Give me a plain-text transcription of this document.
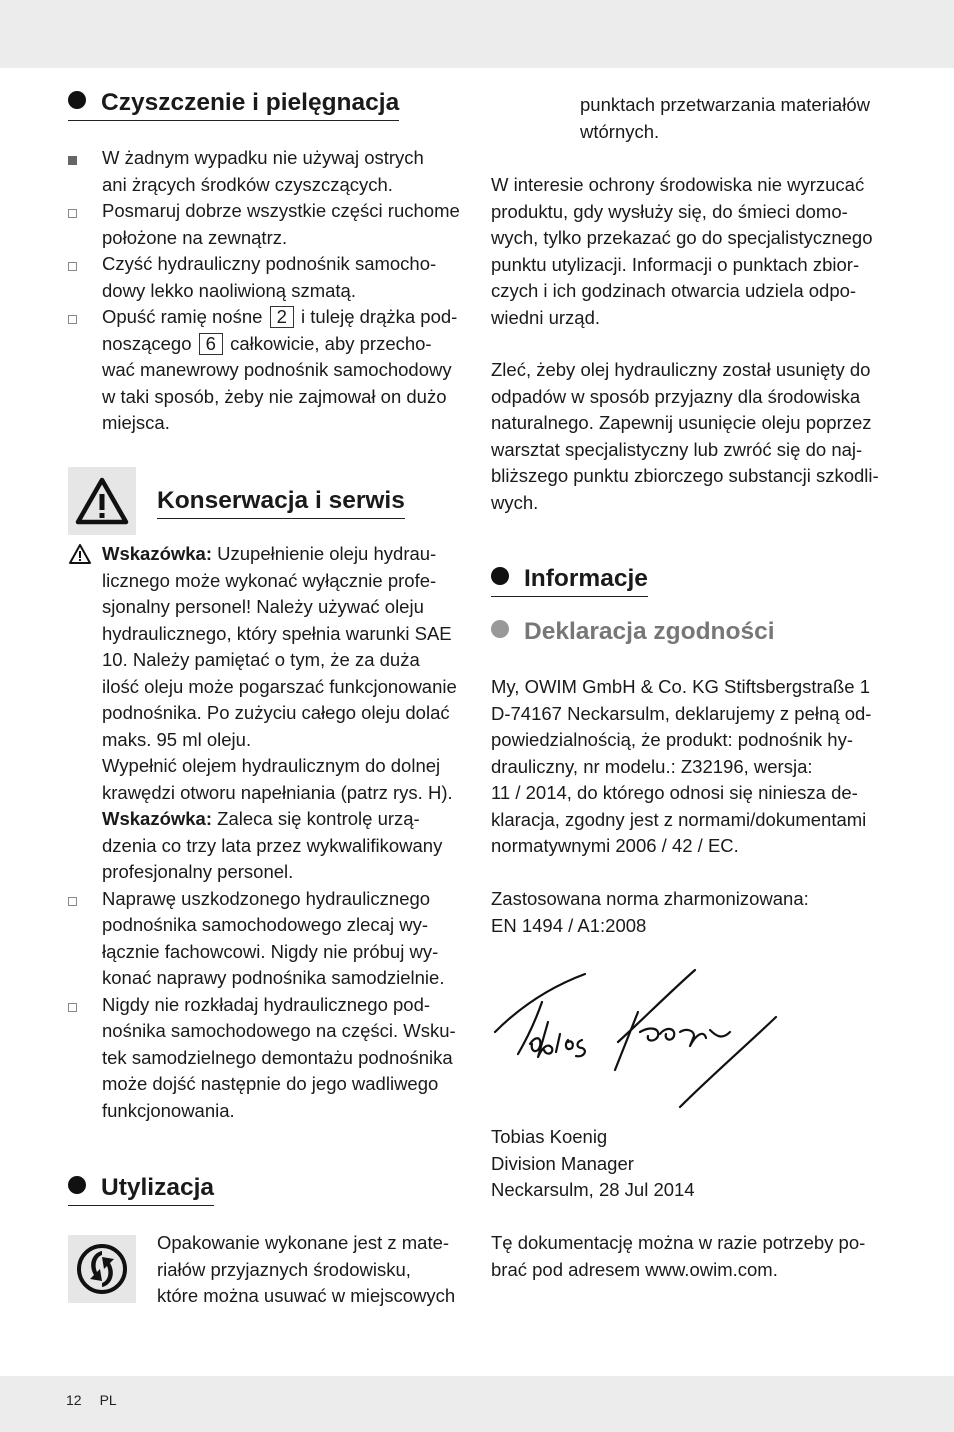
Czyszczenie i pielęgnacja
W żadnym wypadku nie używaj ostrych
ani żrących środków czyszczących.
Posmaruj dobrze wszystkie części ruchome
położone na zewnątrz.
Czyść hydrauliczny podnośnik samocho-
dowy lekko naoliwioną szmatą.
Opuść ramię nośne 2 i tuleję drążka pod-
noszącego 6 całkowicie, aby przecho-
wać manewrowy podnośnik samochodowy
w taki sposób, żeby nie zajmował on dużo
miejsca.
Konserwacja i serwis
Wskazówka: Uzupełnienie oleju hydrau-
licznego może wykonać wyłącznie profe-
sjonalny personel! Należy używać oleju
hydraulicznego, który spełnia warunki SAE
10. Należy pamiętać o tym, że za duża
ilość oleju może pogarszać funkcjonowanie
podnośnika. Po zużyciu całego oleju dolać
maks. 95 ml oleju.
Wypełnić olejem hydraulicznym do dolnej
krawędzi otworu napełniania (patrz rys. H).
Wskazówka: Zaleca się kontrolę urzą-
dzenia co trzy lata przez wykwalifikowany
profesjonalny personel.
Naprawę uszkodzonego hydraulicznego
podnośnika samochodowego zlecaj wy-
łącznie fachowcowi. Nigdy nie próbuj wy-
konać naprawy podnośnika samodzielnie.
Nigdy nie rozkładaj hydraulicznego pod-
nośnika samochodowego na części. Wsku-
tek samodzielnego demontażu podnośnika
może dojść następnie do jego wadliwego
funkcjonowania.
Utylizacja
Opakowanie wykonane jest z mate-
riałów przyjaznych środowisku,
które można usuwać w miejscowych
punktach przetwarzania materiałów
wtórnych.
W interesie ochrony środowiska nie wyrzucać
produktu, gdy wysłuży się, do śmieci domo-
wych, tylko przekazać go do specjalistycznego
punktu utylizacji. Informacji o punktach zbior-
czych i ich godzinach otwarcia udziela odpo-
wiedni urząd.
Zleć, żeby olej hydrauliczny został usunięty do
odpadów w sposób przyjazny dla środowiska
naturalnego. Zapewnij usunięcie oleju poprzez
warsztat specjalistyczny lub zwróć się do naj-
bliższego punktu zbiorczego substancji szkodli-
wych.
Informacje
Deklaracja zgodności
My, OWIM GmbH & Co. KG Stiftsbergstraße 1
D-74167 Neckarsulm, deklarujemy z pełną od-
powiedzialnością, że produkt: podnośnik hy-
drauliczny, nr modelu.: Z32196, wersja:
11 / 2014, do którego odnosi się niniesza de-
klaracja, zgodny jest z normami/dokumentami
normatywnymi 2006 / 42 / EC.
Zastosowana norma zharmonizowana:
EN 1494 / A1:2008
Tobias Koenig
Division Manager
Neckarsulm, 28 Jul 2014
Tę dokumentację można w razie potrzeby po-
brać pod adresem www.owim.com.
12 PL
